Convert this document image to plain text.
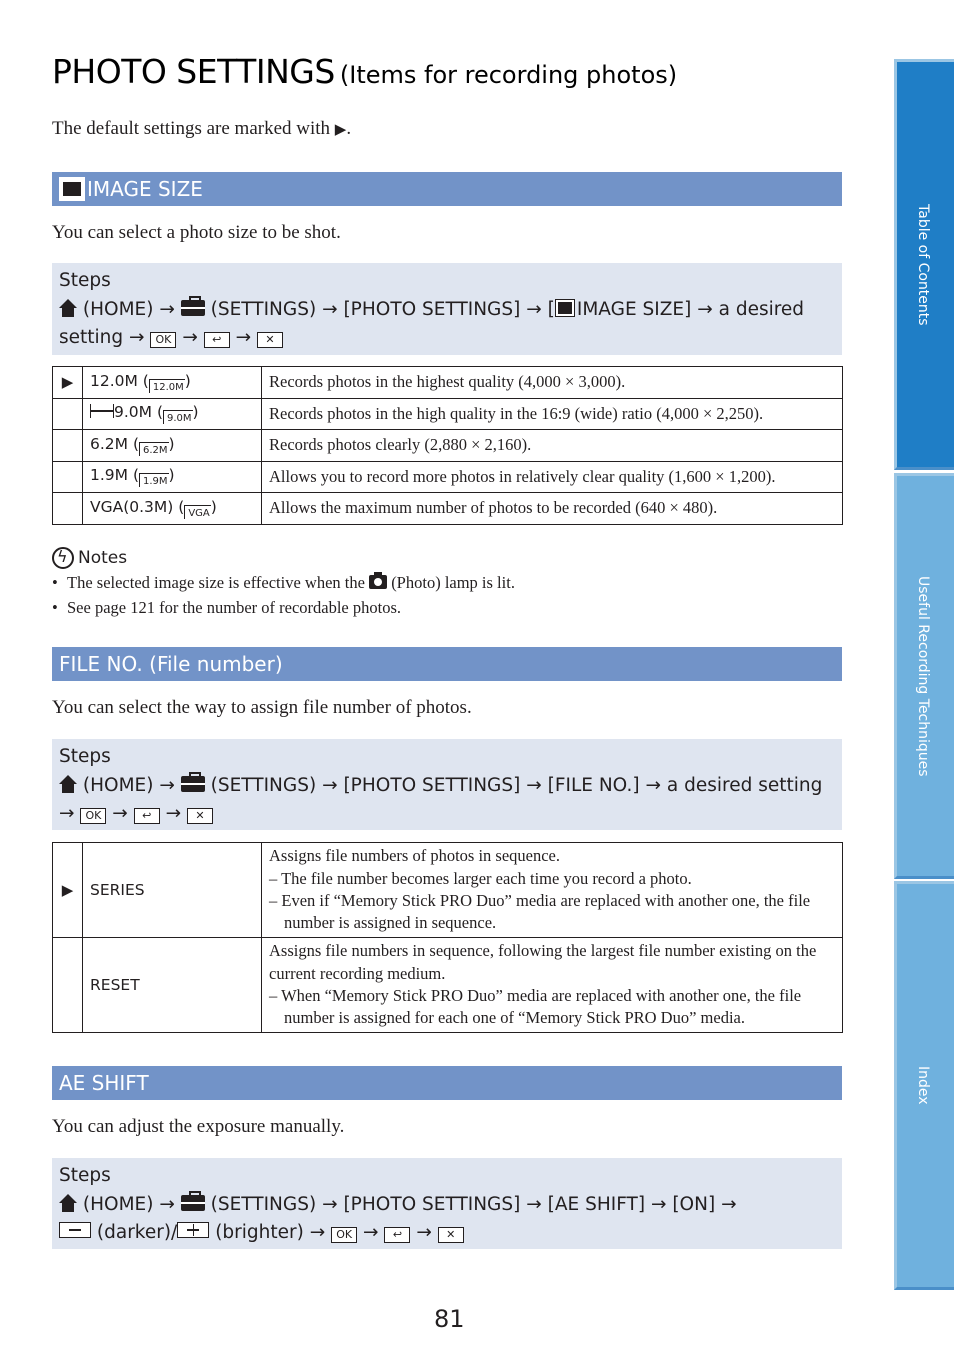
Table of Contents
Useful Recording Techniques
Index
PHOTO SETTINGS (Items for recording photos)
The default settings are marked with ▶.
IMAGE SIZE
You can select a photo size to be shot.
Steps
(HOME) → (SETTINGS) → [PHOTO SETTINGS] → [ IMAGE SIZE] → a desired
setting → OK → ↩ → ✕
▶	12.0M ( 12.0M)	Records photos in the highest quality (4,000 × 3,000).
	9.0M ( 9.0M)	Records photos in the high quality in the 16:9 (wide) ratio (4,000 × 2,250).
	6.2M ( 6.2M)	Records photos clearly (2,880 × 2,160).
	1.9M ( 1.9M)	Allows you to record more photos in relatively clear quality (1,600 × 1,200).
	VGA(0.3M) ( VGA)	Allows the maximum number of photos to be recorded (640 × 480).
ϟ
Notes
• The selected image size is effective when the (Photo) lamp is lit.
• See page 121 for the number of recordable photos.
FILE NO. (File number)
You can select the way to assign file number of photos.
Steps
(HOME) → (SETTINGS) → [PHOTO SETTINGS] → [FILE NO.] → a desired setting
→ OK → ↩ → ✕
▶	SERIES	Assigns file numbers of photos in sequence.
– The file number becomes larger each time you record a photo.
– Even if “Memory Stick PRO Duo” media are replaced with another one, the file number is assigned in sequence.

	RESET	Assigns file numbers in sequence, following the largest file number existing on the current recording medium.
– When “Memory Stick PRO Duo” media are replaced with another one, the file number is assigned for each one of “Memory Stick PRO Duo” media.
AE SHIFT
You can adjust the exposure manually.
Steps
(HOME) → (SETTINGS) → [PHOTO SETTINGS] → [AE SHIFT] → [ON] →
(darker)/ (brighter) → OK → ↩ → ✕
81
